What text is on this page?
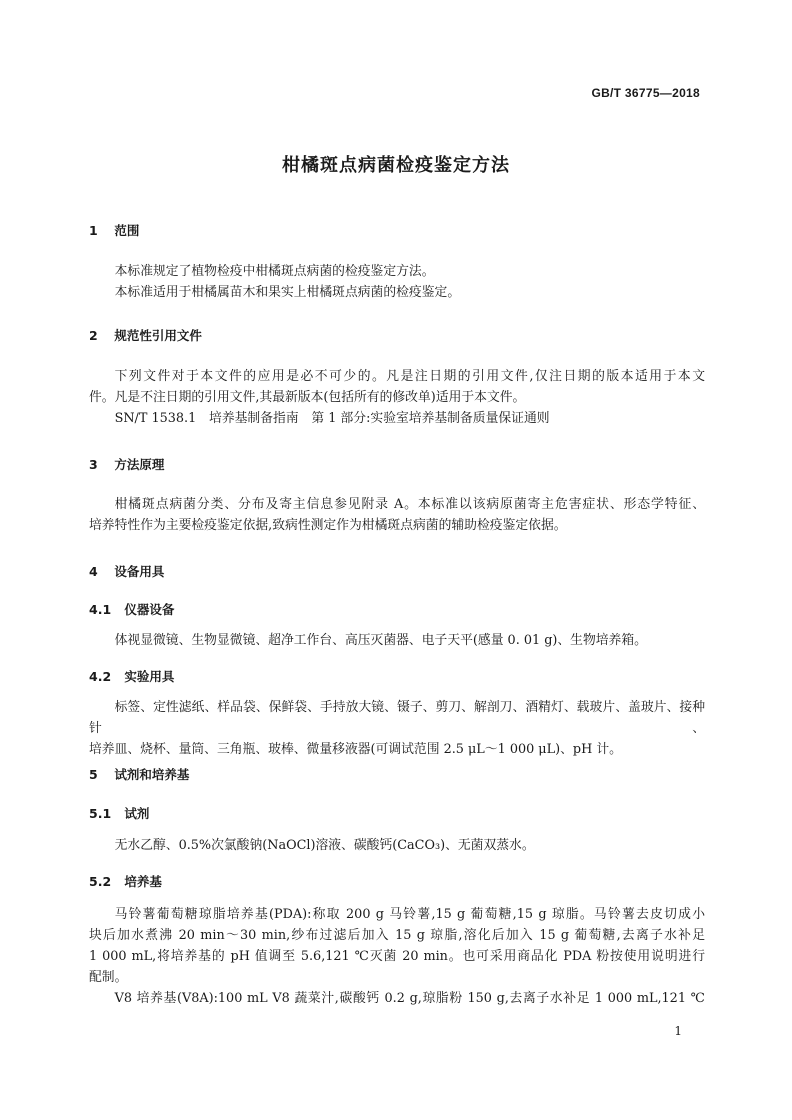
GB/T 36775—2018
柑橘斑点病菌检疫鉴定方法
1 范围
本标准规定了植物检疫中柑橘斑点病菌的检疫鉴定方法。
本标准适用于柑橘属苗木和果实上柑橘斑点病菌的检疫鉴定。
2 规范性引用文件
下列文件对于本文件的应用是必不可少的。凡是注日期的引用文件,仅注日期的版本适用于本文
件。凡是不注日期的引用文件,其最新版本(包括所有的修改单)适用于本文件。
SN/T 1538.1　培养基制备指南　第 1 部分:实验室培养基制备质量保证通则
3 方法原理
柑橘斑点病菌分类、分布及寄主信息参见附录 A。本标准以该病原菌寄主危害症状、形态学特征、
培养特性作为主要检疫鉴定依据,致病性测定作为柑橘斑点病菌的辅助检疫鉴定依据。
4 设备用具
4.1 仪器设备
体视显微镜、生物显微镜、超净工作台、高压灭菌器、电子天平(感量 0. 01 g)、生物培养箱。
4.2 实验用具
标签、定性滤纸、样品袋、保鲜袋、手持放大镜、镊子、剪刀、解剖刀、酒精灯、载玻片、盖玻片、接种针、
培养皿、烧杯、量筒、三角瓶、玻棒、微量移液器(可调试范围 2.5 μL～1 000 μL)、pH 计。
5 试剂和培养基
5.1 试剂
无水乙醇、0.5%次氯酸钠(NaOCl)溶液、碳酸钙(CaCO₃)、无菌双蒸水。
5.2 培养基
马铃薯葡萄糖琼脂培养基(PDA):称取 200 g 马铃薯,15 g 葡萄糖,15 g 琼脂。马铃薯去皮切成小
块后加水煮沸 20 min～30 min,纱布过滤后加入 15 g 琼脂,溶化后加入 15 g 葡萄糖,去离子水补足
1 000 mL,将培养基的 pH 值调至 5.6,121 ℃灭菌 20 min。也可采用商品化 PDA 粉按使用说明进行
配制。
V8 培养基(V8A):100 mL V8 蔬菜汁,碳酸钙 0.2 g,琼脂粉 150 g,去离子水补足 1 000 mL,121 ℃
1
